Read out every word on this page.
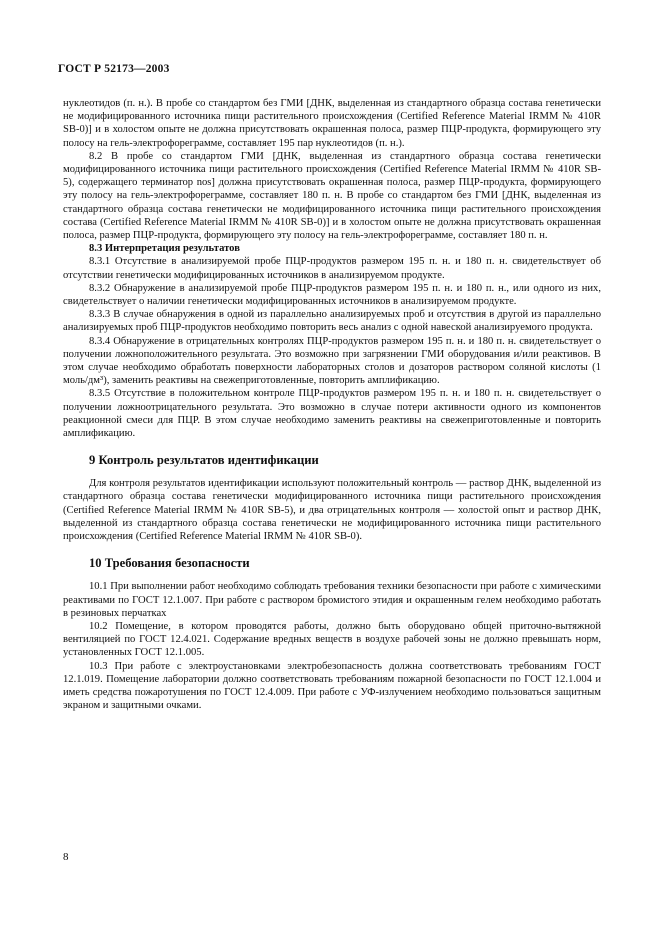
ГОСТ Р 52173—2003

нуклеотидов (п. н.). В пробе со стандартом без ГМИ [ДНК, выделенная из стандартного образца состава генетически не модифицированного источника пищи растительного происхождения (Certified Reference Material IRMM № 410R SB-0)] и в холостом опыте не должна присутствовать окрашенная полоса, размер ПЦР-продукта, формирующего эту полосу на гель-электрофореграмме, составляет 195 пар нуклеотидов (п. н.).

8.2 В пробе со стандартом ГМИ [ДНК, выделенная из стандартного образца состава генетически модифицированного источника пищи растительного происхождения (Certified Reference Material IRMM № 410R SB-5), содержащего терминатор nos] должна присутствовать окрашенная полоса, размер ПЦР-продукта, формирующего эту полосу на гель-электрофореграмме, составляет 180 п. н. В пробе со стандартом без ГМИ [ДНК, выделенная из стандартного образца состава генетически не модифицированного источника пищи растительного происхождения состава (Certified Reference Material IRMM № 410R SB-0)] и в холостом опыте не должна присутствовать окрашенная полоса, размер ПЦР-продукта, формирующего эту полосу на гель-электрофореграмме, составляет 180 п. н.

8.3 Интерпретация результатов

8.3.1 Отсутствие в анализируемой пробе ПЦР-продуктов размером 195 п. н. и 180 п. н. свидетельствует об отсутствии генетически модифицированных источников в анализируемом продукте.

8.3.2 Обнаружение в анализируемой пробе ПЦР-продуктов размером 195 п. н. и 180 п. н., или одного из них, свидетельствует о наличии генетически модифицированных источников в анализируемом продукте.

8.3.3 В случае обнаружения в одной из параллельно анализируемых проб и отсутствия в другой из параллельно анализируемых проб ПЦР-продуктов необходимо повторить весь анализ с одной навеской анализируемого продукта.

8.3.4 Обнаружение в отрицательных контролях ПЦР-продуктов размером 195 п. н. и 180 п. н. свидетельствует о получении ложноположительного результата. Это возможно при загрязнении ГМИ оборудования и/или реактивов. В этом случае необходимо обработать поверхности лабораторных столов и дозаторов раствором соляной кислоты (1 моль/дм³), заменить реактивы на свежеприготовленные, повторить амплификацию.

8.3.5 Отсутствие в положительном контроле ПЦР-продуктов размером 195 п. н. и 180 п. н. свидетельствует о получении ложноотрицательного результата. Это возможно в случае потери активности одного из компонентов реакционной смеси для ПЦР. В этом случае необходимо заменить реактивы на свежеприготовленные и повторить амплификацию.

9 Контроль результатов идентификации

Для контроля результатов идентификации используют положительный контроль — раствор ДНК, выделенной из стандартного образца состава генетически модифицированного источника пищи растительного происхождения (Certified Reference Material IRMM № 410R SB-5), и два отрицательных контроля — холостой опыт и раствор ДНК, выделенной из стандартного образца состава генетически не модифицированного источника пищи растительного происхождения (Certified Reference Material IRMM № 410R SB-0).

10 Требования безопасности

10.1 При выполнении работ необходимо соблюдать требования техники безопасности при работе с химическими реактивами по ГОСТ 12.1.007. При работе с раствором бромистого этидия и окрашенным гелем необходимо работать в резиновых перчатках

10.2 Помещение, в котором проводятся работы, должно быть оборудовано общей приточно-вытяжной вентиляцией по ГОСТ 12.4.021. Содержание вредных веществ в воздухе рабочей зоны не должно превышать норм, установленных ГОСТ 12.1.005.

10.3 При работе с электроустановками электробезопасность должна соответствовать требованиям ГОСТ 12.1.019. Помещение лаборатории должно соответствовать требованиям пожарной безопасности по ГОСТ 12.1.004 и иметь средства пожаротушения по ГОСТ 12.4.009. При работе с УФ-излучением необходимо пользоваться защитным экраном и защитными очками.

8
